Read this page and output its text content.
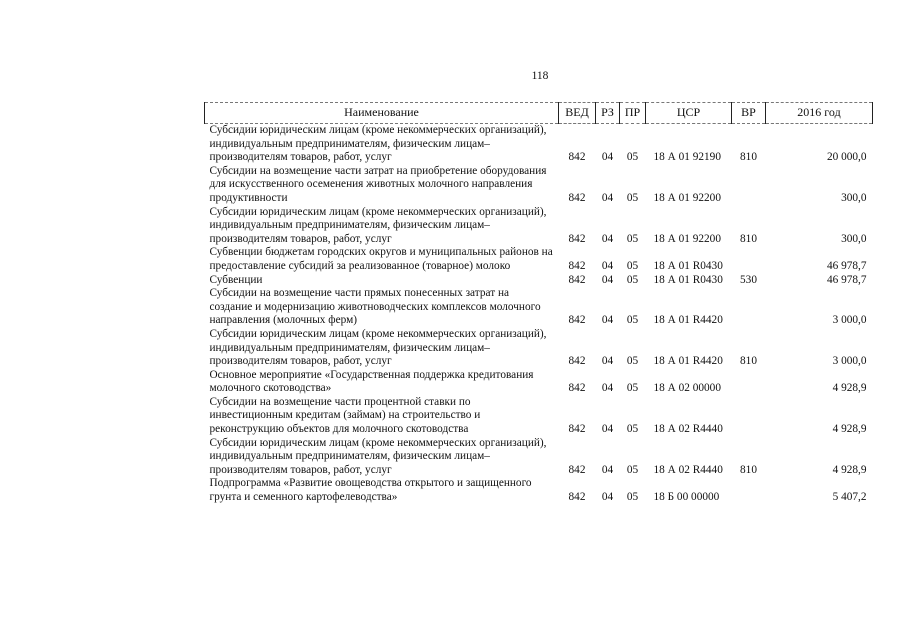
118
Наименование	ВЕД	РЗ	ПР	ЦСР	ВР	2016 год
Субсидии юридическим лицам (кроме некоммерческих организаций), индивидуальным предпринимателям, физическим лицам–производителям товаров, работ, услуг	842	04	05	18 А 01 92190	810	20 000,0
Субсидии на возмещение части затрат на приобретение оборудования для искусственного осеменения животных молочного направления продуктивности	842	04	05	18 А 01 92200		300,0
Субсидии юридическим лицам (кроме некоммерческих организаций), индивидуальным предпринимателям, физическим лицам–производителям товаров, работ, услуг	842	04	05	18 А 01 92200	810	300,0
Субвенции бюджетам городских округов и муниципальных районов на предоставление субсидий за реализованное (товарное) молоко	842	04	05	18 А 01 R0430		46 978,7
Субвенции	842	04	05	18 А 01 R0430	530	46 978,7
Субсидии на возмещение части прямых понесенных затрат на создание и модернизацию животноводческих комплексов молочного направления (молочных ферм)	842	04	05	18 А 01 R4420		3 000,0
Субсидии юридическим лицам (кроме некоммерческих организаций), индивидуальным предпринимателям, физическим лицам–производителям товаров, работ, услуг	842	04	05	18 А 01 R4420	810	3 000,0
Основное мероприятие «Государственная поддержка кредитования молочного скотоводства»	842	04	05	18 А 02 00000		4 928,9
Субсидии на возмещение части процентной ставки по инвестиционным кредитам (займам) на строительство и реконструкцию объектов для молочного скотоводства	842	04	05	18 А 02 R4440		4 928,9
Субсидии юридическим лицам (кроме некоммерческих организаций), индивидуальным предпринимателям, физическим лицам–производителям товаров, работ, услуг	842	04	05	18 А 02 R4440	810	4 928,9
Подпрограмма «Развитие овощеводства открытого и защищенного грунта и семенного картофелеводства»	842	04	05	18 Б 00 00000		5 407,2
